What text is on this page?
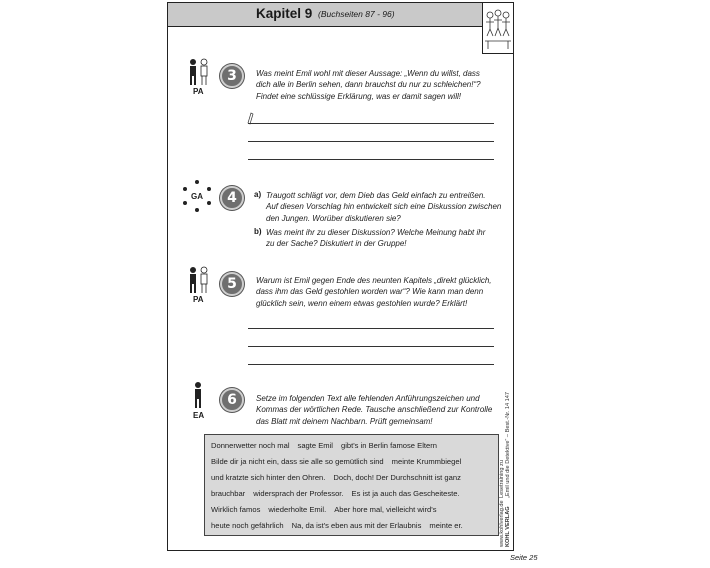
Kapitel 9 (Buchseiten 87 - 96)
PA
3	Was meint Emil wohl mit dieser Aussage: „Wenn du willst, dass
dich alle in Berlin sehen, dann brauchst du nur zu schleichen!“?
Findet eine schlüssige Erklärung, was er damit sagen will!
GA	4	a) Traugott schlägt vor, dem Dieb das Geld einfach zu entreißen.
Auf diesen Vorschlag hin entwickelt sich eine Diskussion zwischen
den Jungen. Worüber diskutieren sie?
b) Was meint ihr zu dieser Diskussion? Welche Meinung habt ihr
zu der Sache? Diskutiert in der Gruppe!
PA
5	Warum ist Emil gegen Ende des neunten Kapitels „direkt glücklich,
dass ihm das Geld gestohlen worden war“? Wie kann man denn
glücklich sein, wenn einem etwas gestohlen wurde? Erklärt!
EA
6	Setze im folgenden Text alle fehlenden Anführungszeichen und
Kommas der wörtlichen Rede. Tausche anschließend zur Kontrolle
das Blatt mit deinem Nachbarn. Prüft gemeinsam!
Donnerwetter noch mal sagte Emil gibt's in Berlin famose Eltern
Bilde dir ja nicht ein, dass sie alle so gemütlich sind meinte Krummbiegel
und kratzte sich hinter den Ohren. Doch, doch! Der Durchschnitt ist ganz
brauchbar widersprach der Professor. Es ist ja auch das Gescheiteste.
Wirklich famos wiederholte Emil. Aber hore mal, vielleicht wird's
heute noch gefährlich Na, da ist's eben aus mit der Erlaubnis meinte er.	www.kohlverlag.de KOHL VERLAG
Lesetraining zu „Emil und die Detektive“ – Best.-Nr. 14 147
Seite 25
